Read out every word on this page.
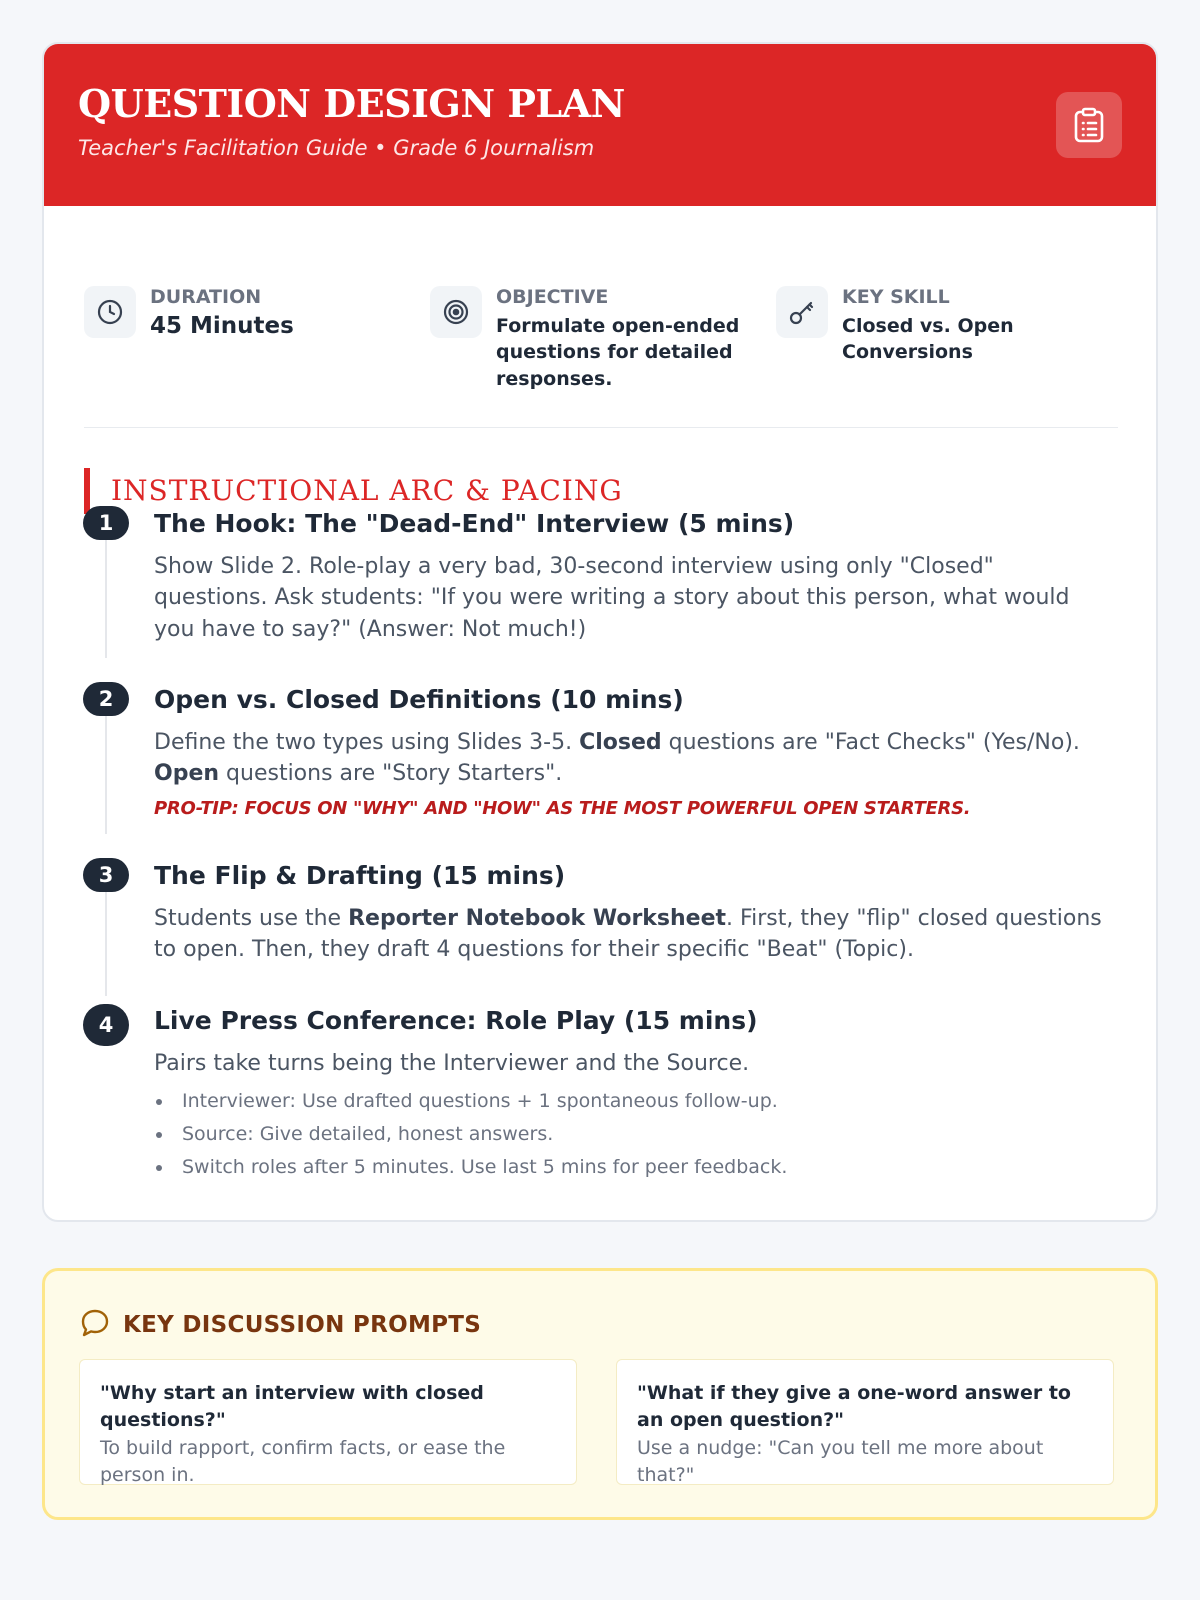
QUESTION DESIGN PLAN
Teacher's Facilitation Guide • Grade 6 Journalism
DURATION
45 Minutes
OBJECTIVE
Formulate open-ended questions for detailed responses.
KEY SKILL
Closed vs. Open Conversions
INSTRUCTIONAL ARC & PACING
1	The Hook: The "Dead-End" Interview (5 mins)
Show Slide 2. Role-play a very bad, 30-second interview using only "Closed" questions. Ask students: "If you were writing a story about this person, what would you have to say?" (Answer: Not much!)
2	Open vs. Closed Definitions (10 mins)
Define the two types using Slides 3-5. Closed questions are "Fact Checks" (Yes/No). Open questions are "Story Starters".
PRO-TIP: FOCUS ON "WHY" AND "HOW" AS THE MOST POWERFUL OPEN STARTERS.
3	The Flip & Drafting (15 mins)
Students use the Reporter Notebook Worksheet. First, they "flip" closed questions to open. Then, they draft 4 questions for their specific "Beat" (Topic).
4	Live Press Conference: Role Play (15 mins)
Pairs take turns being the Interviewer and the Source.
Interviewer: Use drafted questions + 1 spontaneous follow-up.
Source: Give detailed, honest answers.
Switch roles after 5 minutes. Use last 5 mins for peer feedback.
KEY DISCUSSION PROMPTS
"Why start an interview with closed questions?"
To build rapport, confirm facts, or ease the person in.
"What if they give a one-word answer to an open question?"
Use a nudge: "Can you tell me more about that?"
